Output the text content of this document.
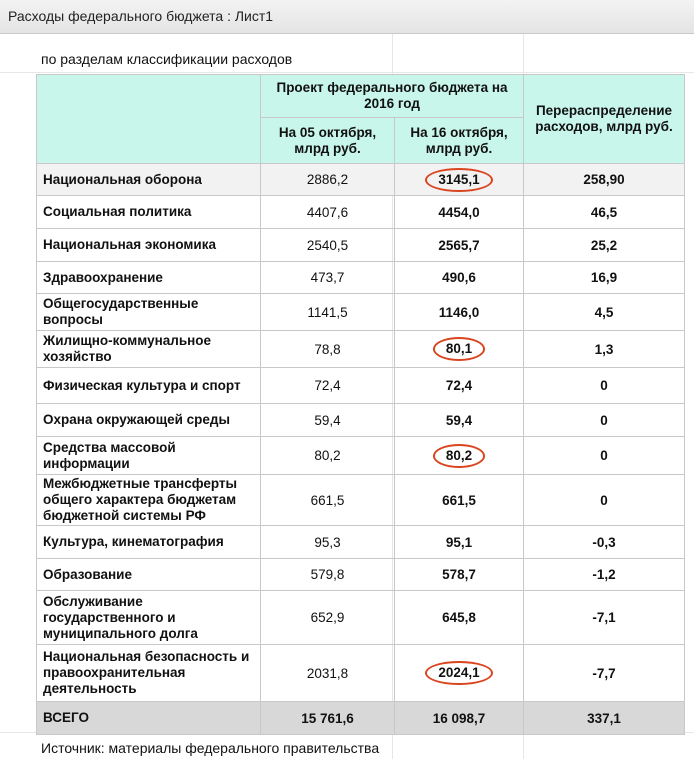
Расходы федерального бюджета : Лист1
по разделам классификации расходов
	Проект федерального бюджета на 2016 год		Перераспределение расходов, млрд руб.
	На 05 октября, млрд руб.	На 16 октября, млрд руб.	
Национальная оборона	2886,2	3145,1	258,90
Социальная политика	4407,6	4454,0	46,5
Национальная экономика	2540,5	2565,7	25,2
Здравоохранение	473,7	490,6	16,9
Общегосударственные вопросы	1141,5	1146,0	4,5
Жилищно-коммунальное хозяйство	78,8	80,1	1,3
Физическая культура и спорт	72,4	72,4	0
Охрана окружающей среды	59,4	59,4	0
Средства массовой информации	80,2	80,2	0
Межбюджетные трансферты общего характера бюджетам бюджетной системы РФ	661,5	661,5	0
Культура, кинематография	95,3	95,1	-0,3
Образование	579,8	578,7	-1,2
Обслуживание государственного и муниципального долга	652,9	645,8	-7,1
Национальная безопасность и правоохранительная деятельность	2031,8	2024,1	-7,7
ВСЕГО	15 761,6	16 098,7	337,1
Источник: материалы федерального правительства
